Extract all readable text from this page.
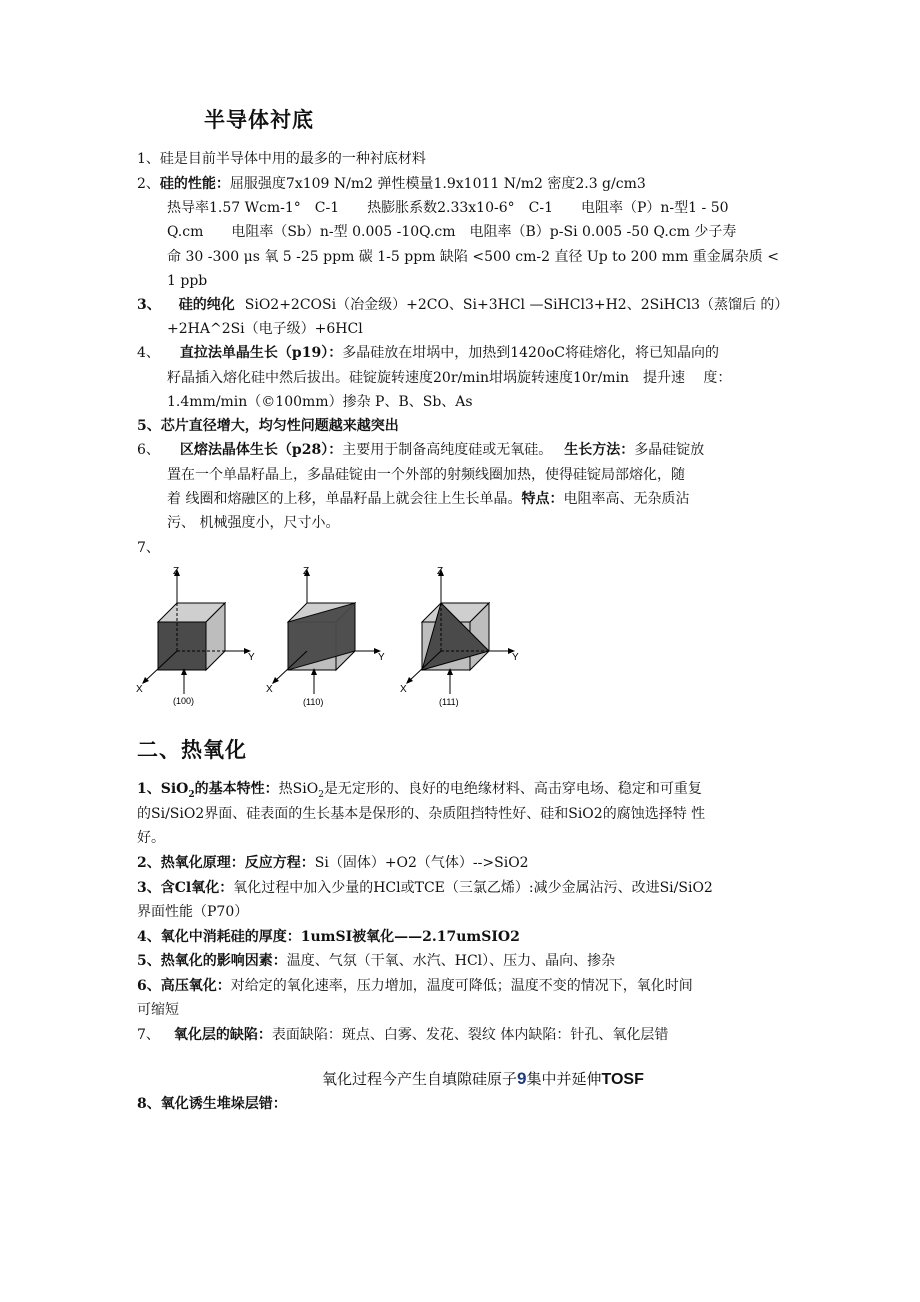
半导体衬底
1、硅是目前半导体中用的最多的一种衬底材料
2、硅的性能：屈服强度7x109 N/m2 弹性模量1.9x1011 N/m2 密度2.3 g/cm3
热导率1.57 Wcm-1°　C-1　　热膨胀系数2.33x10-6°　C-1　　电阻率（P）n-型1 - 50
Q.cm　　电阻率（Sb）n-型 0.005 -10Q.cm　电阻率（B）p-Si 0.005 -50 Q.cm 少子寿
命 30 -300 μs 氧 5 -25 ppm 碳 1-5 ppm 缺陷 <500 cm-2 直径 Up to 200 mm 重金属杂质 <
1 ppb
3、 硅的纯化 SiO2+2COSi（冶金级）+2CO、Si+3HCl —SiHCl3+H2、2SiHCl3（蒸馏后 的）
+2HA^2Si（电子级）+6HCl
4、 直拉法单晶生长（p19）：多晶硅放在坩埚中，加热到1420oC将硅熔化，将已知晶向的
籽晶插入熔化硅中然后拔出。硅锭旋转速度20r/min坩埚旋转速度10r/min　提升速　 度：
1.4mm/min（©100mm）掺杂 P、B、Sb、As
5、芯片直径增大，均匀性问题越来越突出
6、 区熔法晶体生长（p28）：主要用于制备高纯度硅或无氧硅。 生长方法：多晶硅锭放
置在一个单晶籽晶上，多晶硅锭由一个外部的射频线圈加热，使得硅锭局部熔化，随
着 线圈和熔融区的上移，单晶籽晶上就会往上生长单晶。特点：电阻率高、无杂质沾
污、 机械强度小，尺寸小。
7、
Z
Y
X
(100)
Z
Y
X
(110)
Z
Y
X
(111)
二、热氧化
1、SiO$_2$的基本特性：热SiO$_2$是无定形的、良好的电绝缘材料、高击穿电场、稳定和可重复
的Si/SiO2界面、硅表面的生长基本是保形的、杂质阻挡特性好、硅和SiO2的腐蚀选择特 性
好。
2、热氧化原理：反应方程：Si（固体）+O2（气体）-->SiO2
3、含Cl氧化：氧化过程中加入少量的HCl或TCE（三氯乙烯）:减少金属沾污、改进Si/SiO2
界面性能（P70）
4、氧化中消耗硅的厚度：1umSI被氧化——2.17umSIO2
5、热氧化的影响因素：温度、气氛（干氧、水汽、HCl）、压力、晶向、掺杂
6、高压氧化：对给定的氧化速率，压力增加，温度可降低；温度不变的情况下，氧化时间
可缩短
7、 氧化层的缺陷：表面缺陷：斑点、白雾、发花、裂纹 体内缺陷：针孔、氧化层错
氧化过程今产生自填隙硅原子9集中并延伸TOSF
8、氧化诱生堆垛层错：
